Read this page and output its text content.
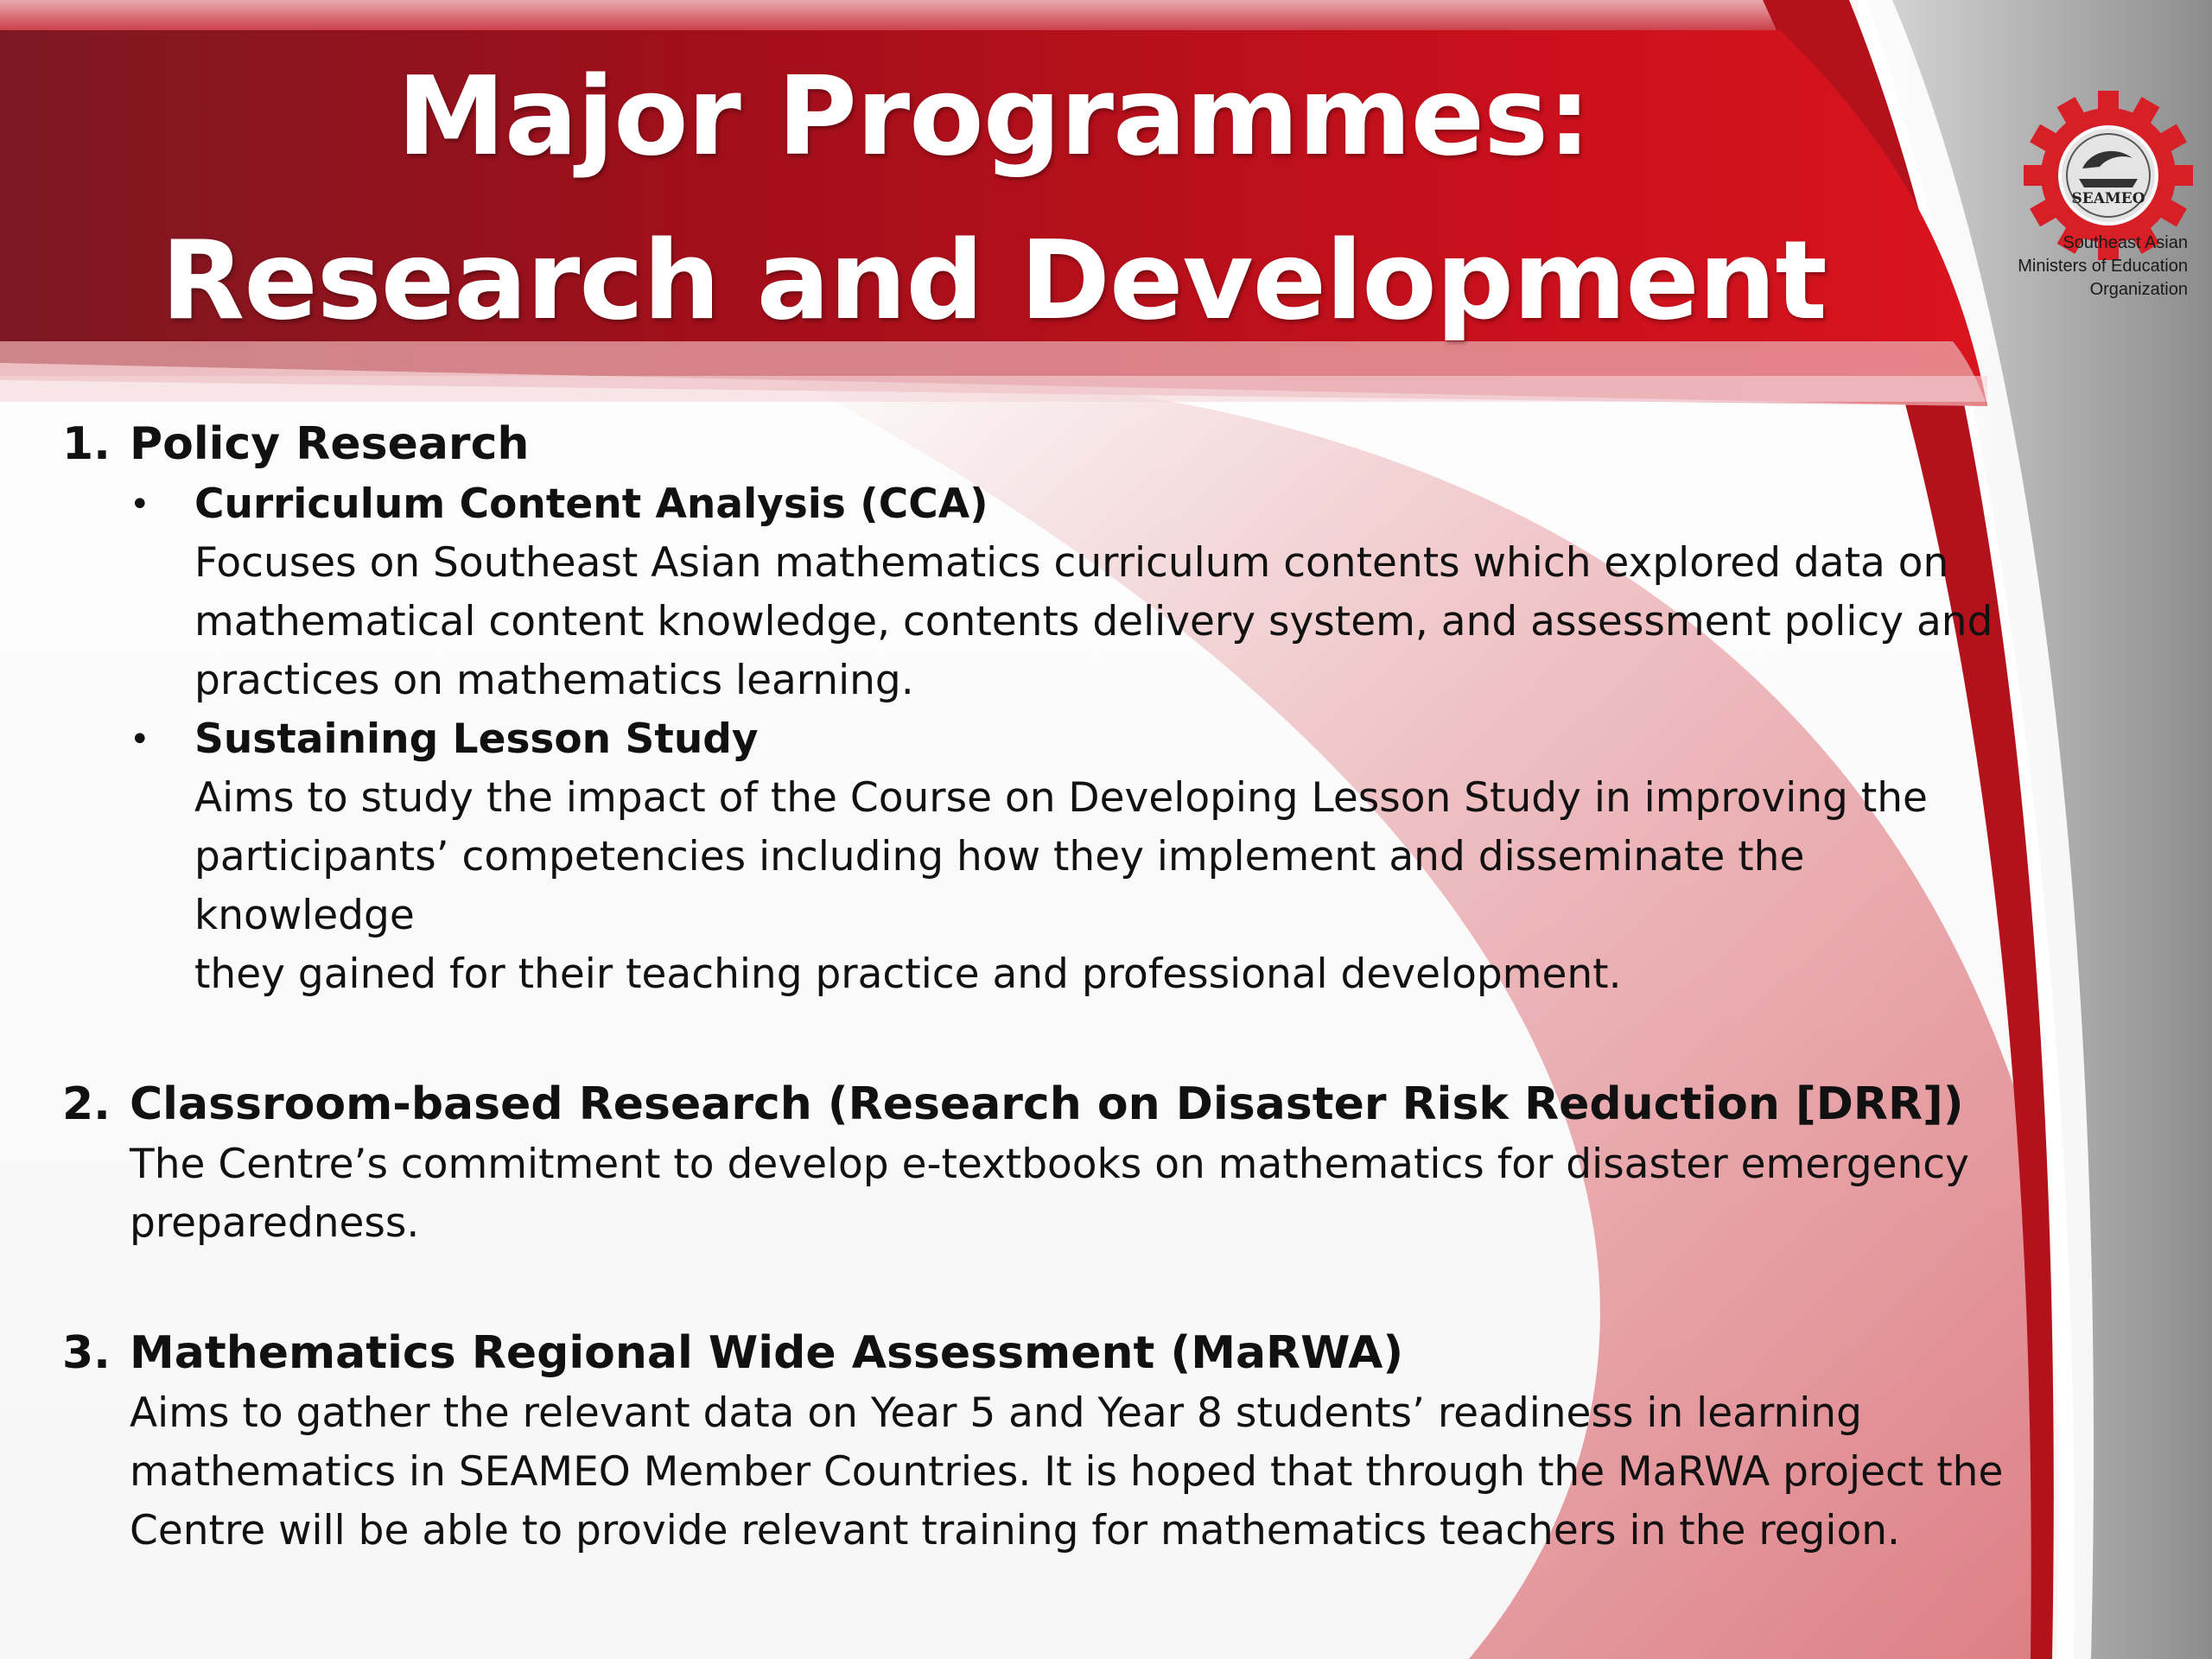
Major Programmes:
Research and Development
SEAMEO
Southeast Asian
Ministers of Education
Organization
1. Policy Research
• Curriculum Content Analysis (CCA)
Focuses on Southeast Asian mathematics curriculum contents which explored data on
mathematical content knowledge, contents delivery system, and assessment policy and
practices on mathematics learning.
• Sustaining Lesson Study
Aims to study the impact of the Course on Developing Lesson Study in improving the
participants’ competencies including how they implement and disseminate the knowledge
they gained for their teaching practice and professional development.
2. Classroom-based Research (Research on Disaster Risk Reduction [DRR])
The Centre’s commitment to develop e-textbooks on mathematics for disaster emergency
preparedness.
3. Mathematics Regional Wide Assessment (MaRWA)
Aims to gather the relevant data on Year 5 and Year 8 students’ readiness in learning
mathematics in SEAMEO Member Countries. It is hoped that through the MaRWA project the
Centre will be able to provide relevant training for mathematics teachers in the region.
